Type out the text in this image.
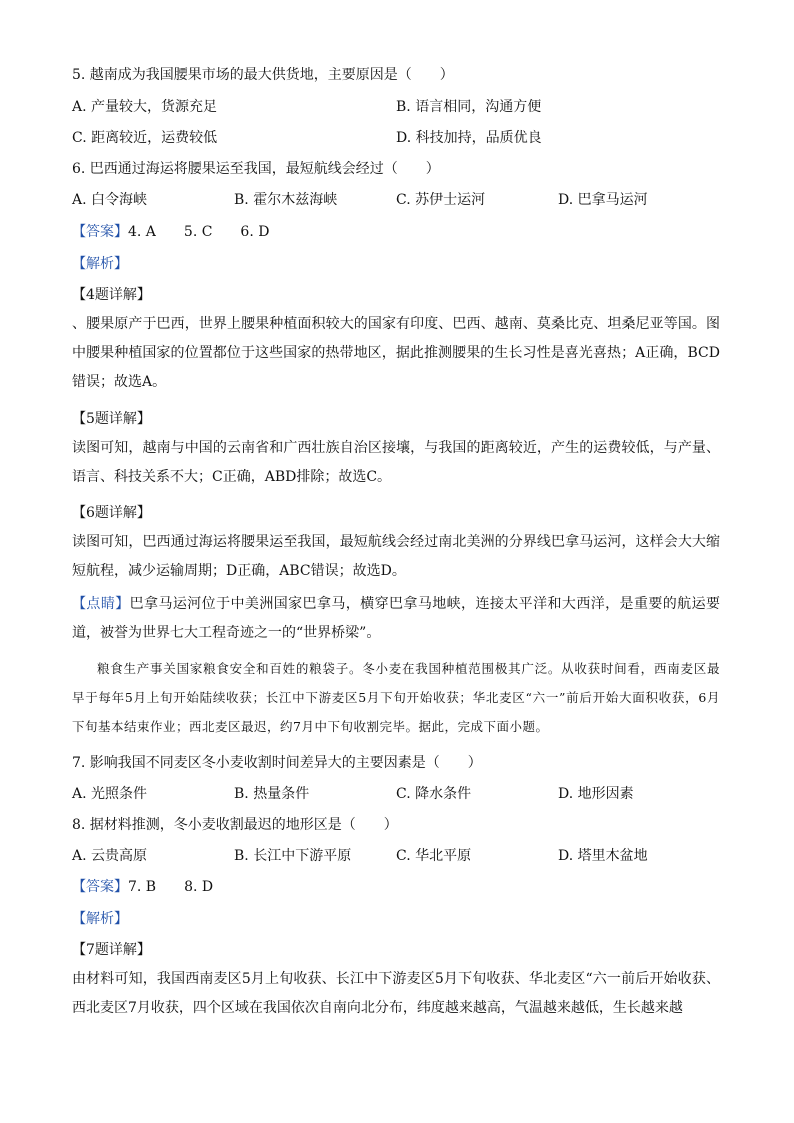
5. 越南成为我国腰果市场的最大供货地，主要原因是（　　）
A. 产量较大，货源充足	B. 语言相同，沟通方便
C. 距离较近，运费较低	D. 科技加持，品质优良
6. 巴西通过海运将腰果运至我国，最短航线会经过（　　）
A. 白令海峡	B. 霍尔木兹海峡	C. 苏伊士运河	D. 巴拿马运河
【答案】4. A　　5. C　　6. D
【解析】
【4题详解】
、腰果原产于巴西，世界上腰果种植面积较大的国家有印度、巴西、越南、莫桑比克、坦桑尼亚等国。图中腰果种植国家的位置都位于这些国家的热带地区，据此推测腰果的生长习性是喜光喜热；A正确，BCD错误；故选A。
【5题详解】
读图可知，越南与中国的云南省和广西壮族自治区接壤，与我国的距离较近，产生的运费较低，与产量、语言、科技关系不大；C正确，ABD排除；故选C。
【6题详解】
读图可知，巴西通过海运将腰果运至我国，最短航线会经过南北美洲的分界线巴拿马运河，这样会大大缩短航程，减少运输周期；D正确，ABC错误；故选D。
【点睛】巴拿马运河位于中美洲国家巴拿马，横穿巴拿马地峡，连接太平洋和大西洋，是重要的航运要道，被誉为世界七大工程奇迹之一的“世界桥梁”。
粮食生产事关国家粮食安全和百姓的粮袋子。冬小麦在我国种植范围极其广泛。从收获时间看，西南麦区最早于每年5月上旬开始陆续收获；长江中下游麦区5月下旬开始收获；华北麦区“六一”前后开始大面积收获，6月下旬基本结束作业；西北麦区最迟，约7月中下旬收割完毕。据此，完成下面小题。
7. 影响我国不同麦区冬小麦收割时间差异大的主要因素是（　　）
A. 光照条件	B. 热量条件	C. 降水条件	D. 地形因素
8. 据材料推测，冬小麦收割最迟的地形区是（　　）
A. 云贵高原	B. 长江中下游平原	C. 华北平原	D. 塔里木盆地
【答案】7. B　　8. D
【解析】
【7题详解】
由材料可知，我国西南麦区5月上旬收获、长江中下游麦区5月下旬收获、华北麦区“六一前后开始收获、西北麦区7月收获，四个区域在我国依次自南向北分布，纬度越来越高，气温越来越低，生长越来越
